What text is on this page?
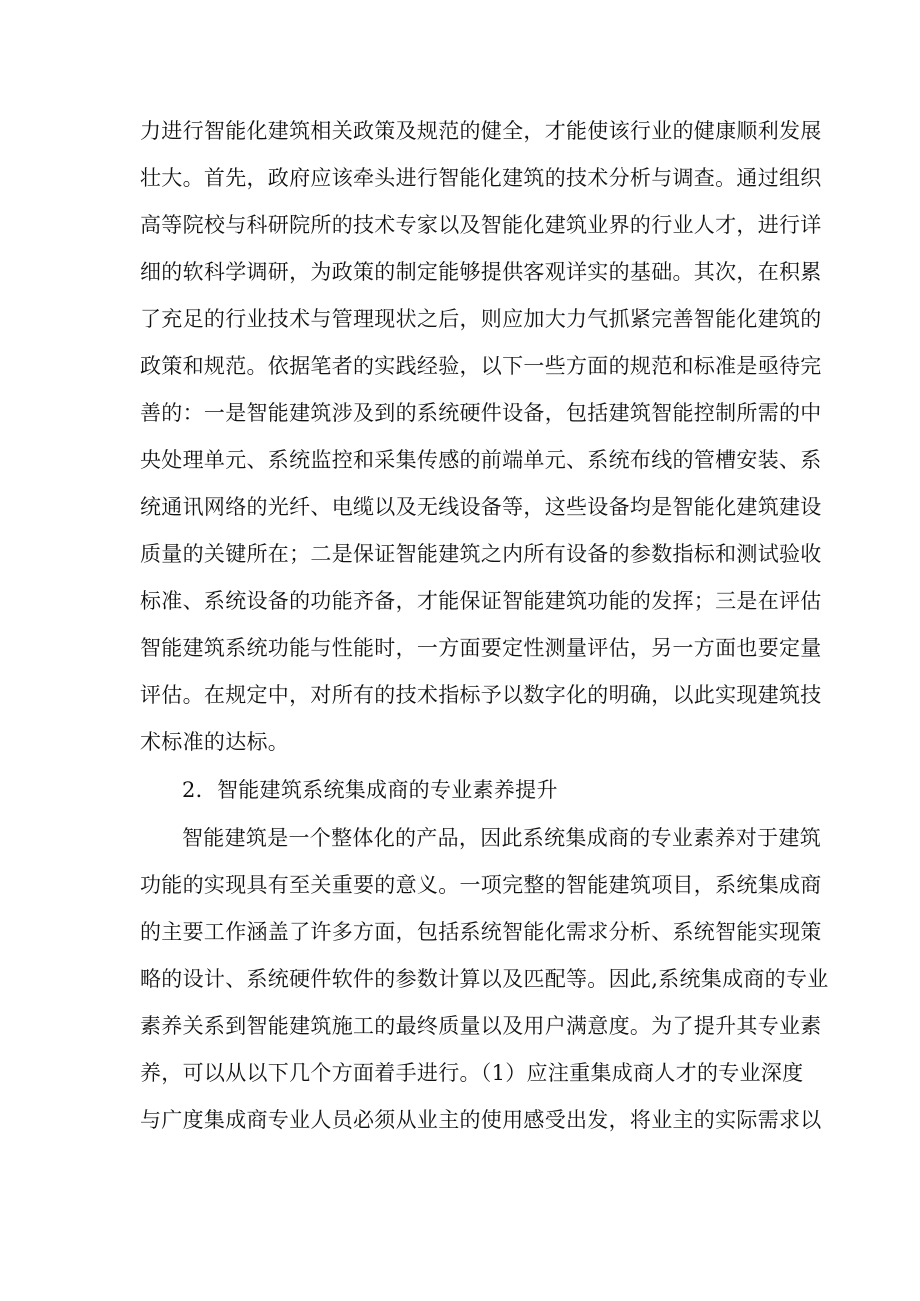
力进行智能化建筑相关政策及规范的健全，才能使该行业的健康顺利发展
壮大。首先，政府应该牵头进行智能化建筑的技术分析与调查。通过组织
高等院校与科研院所的技术专家以及智能化建筑业界的行业人才，进行详
细的软科学调研，为政策的制定能够提供客观详实的基础。其次，在积累
了充足的行业技术与管理现状之后，则应加大力气抓紧完善智能化建筑的
政策和规范。依据笔者的实践经验，以下一些方面的规范和标准是亟待完
善的：一是智能建筑涉及到的系统硬件设备，包括建筑智能控制所需的中
央处理单元、系统监控和采集传感的前端单元、系统布线的管槽安装、系
统通讯网络的光纤、电缆以及无线设备等，这些设备均是智能化建筑建设
质量的关键所在；二是保证智能建筑之内所有设备的参数指标和测试验收
标准、系统设备的功能齐备，才能保证智能建筑功能的发挥；三是在评估
智能建筑系统功能与性能时，一方面要定性测量评估，另一方面也要定量
评估。在规定中，对所有的技术指标予以数字化的明确，以此实现建筑技
术标准的达标。
2．智能建筑系统集成商的专业素养提升
智能建筑是一个整体化的产品，因此系统集成商的专业素养对于建筑
功能的实现具有至关重要的意义。一项完整的智能建筑项目，系统集成商
的主要工作涵盖了许多方面，包括系统智能化需求分析、系统智能实现策
略的设计、系统硬件软件的参数计算以及匹配等。因此,系统集成商的专业
素养关系到智能建筑施工的最终质量以及用户满意度。为了提升其专业素
养，可以从以下几个方面着手进行。（1）应注重集成商人才的专业深度
与广度集成商专业人员必须从业主的使用感受出发，将业主的实际需求以
